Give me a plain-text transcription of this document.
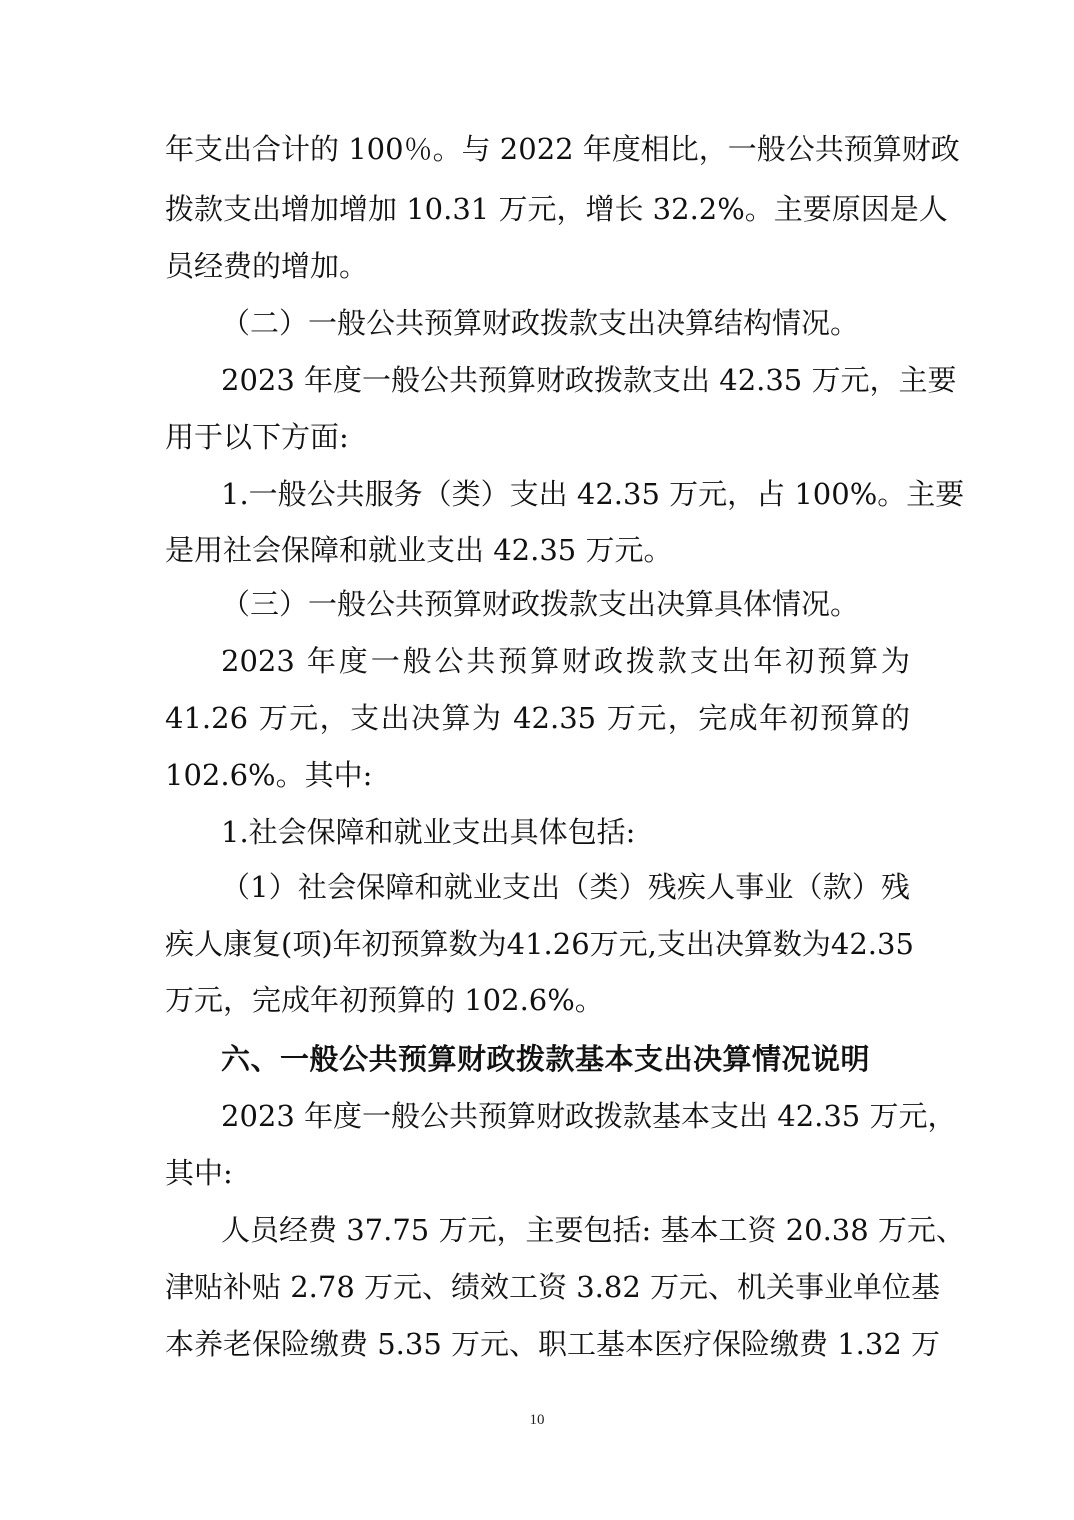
年支出合计的 100％。与 2022 年度相比，一般公共预算财政
拨款支出增加增加 10.31 万元，增长 32.2%。主要原因是人
员经费的增加。
（二）一般公共预算财政拨款支出决算结构情况。
2023 年度一般公共预算财政拨款支出 42.35 万元，主要
用于以下方面:
1.一般公共服务（类）支出 42.35 万元，占 100%。主要
是用社会保障和就业支出 42.35 万元。
（三）一般公共预算财政拨款支出决算具体情况。
2023 年度一般公共预算财政拨款支出年初预算为
41.26 万元，支出决算为 42.35 万元，完成年初预算的
102.6%。其中:
1.社会保障和就业支出具体包括:
（1）社会保障和就业支出（类）残疾人事业（款）残
疾人康复(项)年初预算数为41.26万元,支出决算数为42.35
万元，完成年初预算的 102.6%。
六、一般公共预算财政拨款基本支出决算情况说明
2023 年度一般公共预算财政拨款基本支出 42.35 万元，
其中:
人员经费 37.75 万元，主要包括: 基本工资 20.38 万元、
津贴补贴 2.78 万元、绩效工资 3.82 万元、机关事业单位基
本养老保险缴费 5.35 万元、职工基本医疗保险缴费 1.32 万
10
